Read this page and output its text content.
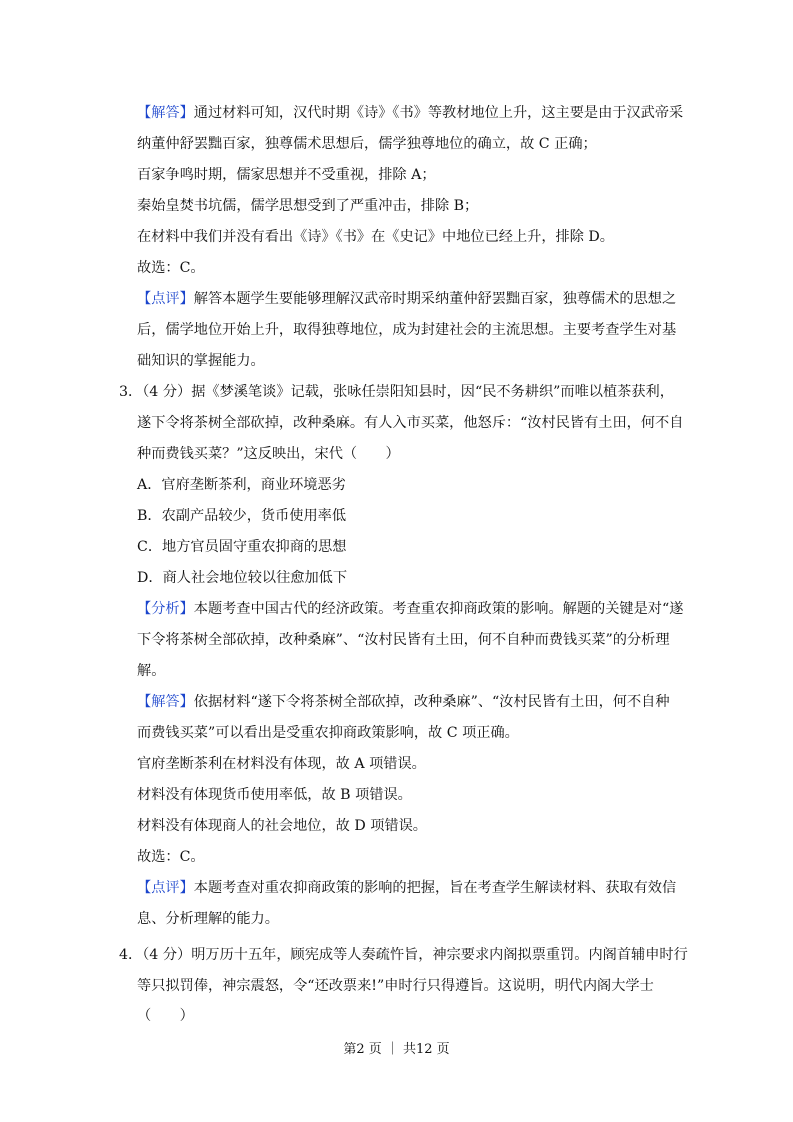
【解答】通过材料可知，汉代时期《诗》《书》等教材地位上升，这主要是由于汉武帝采
纳董仲舒罢黜百家，独尊儒术思想后，儒学独尊地位的确立，故 C 正确；
百家争鸣时期，儒家思想并不受重视，排除 A；
秦始皇焚书坑儒，儒学思想受到了严重冲击，排除 B；
在材料中我们并没有看出《诗》《书》在《史记》中地位已经上升，排除 D。
故选：C。
【点评】解答本题学生要能够理解汉武帝时期采纳董仲舒罢黜百家，独尊儒术的思想之
后，儒学地位开始上升，取得独尊地位，成为封建社会的主流思想。主要考查学生对基
础知识的掌握能力。
3．（4 分）据《梦溪笔谈》记载，张咏任崇阳知县时，因“民不务耕织”而唯以植茶获利，
遂下令将茶树全部砍掉，改种桑麻。有人入市买菜，他怒斥：“汝村民皆有土田，何不自
种而费钱买菜？”这反映出，宋代（　　）
A．官府垄断茶利，商业环境恶劣
B．农副产品较少，货币使用率低
C．地方官员固守重农抑商的思想
D．商人社会地位较以往愈加低下
【分析】本题考查中国古代的经济政策。考查重农抑商政策的影响。解题的关键是对“遂
下令将茶树全部砍掉，改种桑麻”、“汝村民皆有土田，何不自种而费钱买菜”的分析理
解。
【解答】依据材料“遂下令将茶树全部砍掉，改种桑麻”、“汝村民皆有土田，何不自种
而费钱买菜”可以看出是受重农抑商政策影响，故 C 项正确。
官府垄断茶利在材料没有体现，故 A 项错误。
材料没有体现货币使用率低，故 B 项错误。
材料没有体现商人的社会地位，故 D 项错误。
故选：C。
【点评】本题考查对重农抑商政策的影响的把握，旨在考查学生解读材料、获取有效信
息、分析理解的能力。
4．（4 分）明万历十五年，顾宪成等人奏疏忤旨，神宗要求内阁拟票重罚。内阁首辅申时行
等只拟罚俸，神宗震怒，令“还改票来!”申时行只得遵旨。这说明，明代内阁大学士
（　　）
第2 页 ｜ 共12 页
